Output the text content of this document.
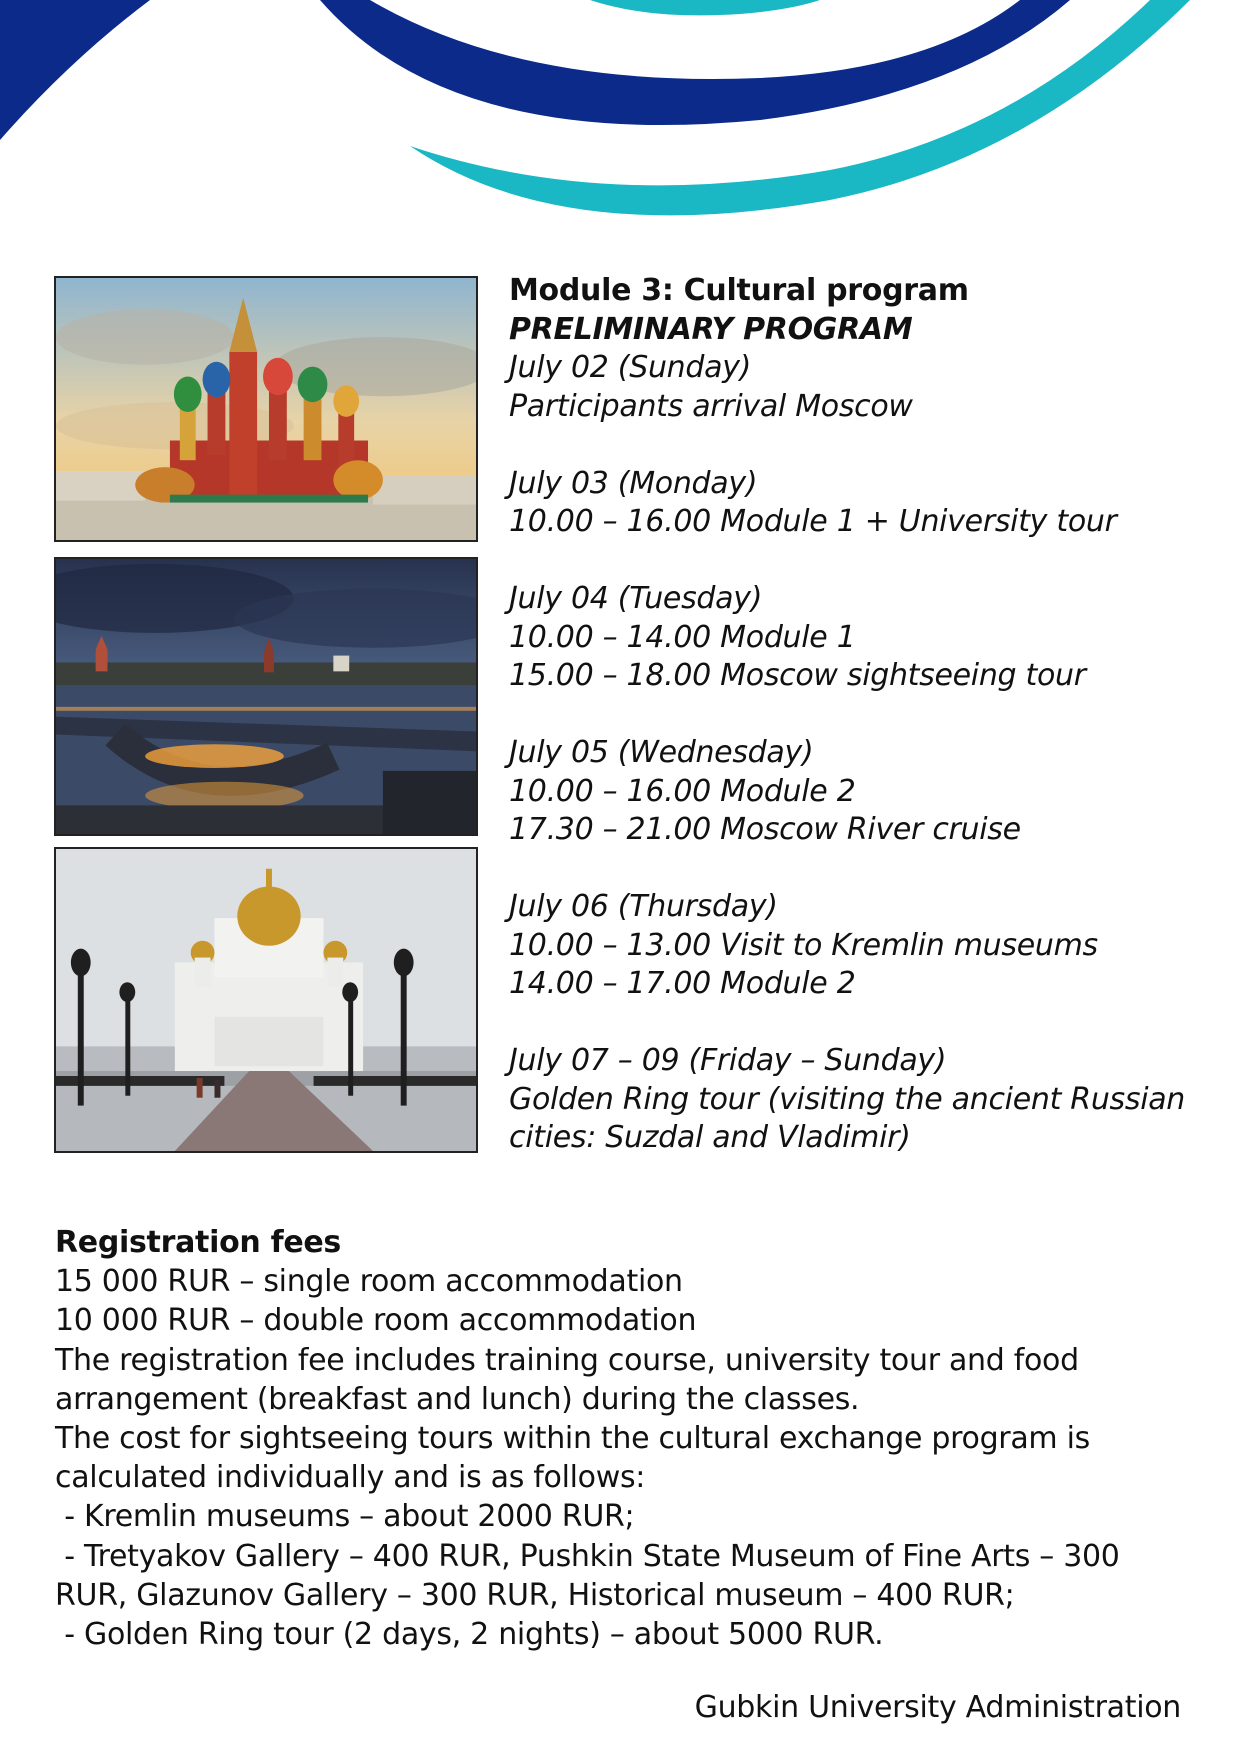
Module 3: Cultural program
PRELIMINARY PROGRAM
July 02 (Sunday)
Participants arrival Moscow
July 03 (Monday)
10.00 – 16.00 Module 1 + University tour
July 04 (Tuesday)
10.00 – 14.00 Module 1
15.00 – 18.00 Moscow sightseeing tour
July 05 (Wednesday)
10.00 – 16.00 Module 2
17.30 – 21.00 Moscow River cruise
July 06 (Thursday)
10.00 – 13.00 Visit to Kremlin museums
14.00 – 17.00 Module 2
July 07 – 09 (Friday – Sunday)
Golden Ring tour (visiting the ancient Russian
cities: Suzdal and Vladimir)
Registration fees
15 000 RUR – single room accommodation
10 000 RUR – double room accommodation
The registration fee includes training course, university tour and food
arrangement (breakfast and lunch) during the classes.
The cost for sightseeing tours within the cultural exchange program is
calculated individually and is as follows:
- Kremlin museums – about 2000 RUR;
- Tretyakov Gallery – 400 RUR, Pushkin State Museum of Fine Arts – 300
RUR, Glazunov Gallery – 300 RUR, Historical museum – 400 RUR;
- Golden Ring tour (2 days, 2 nights) – about 5000 RUR.
Gubkin University Administration
